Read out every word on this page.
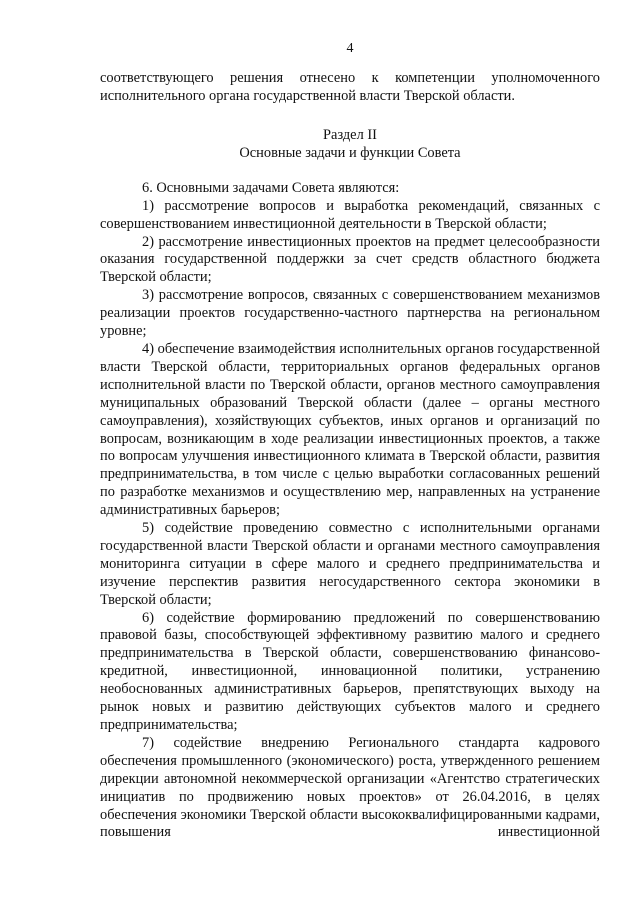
4

соответствующего решения отнесено к компетенции уполномоченного исполнительного органа государственной власти Тверской области.

Раздел II
Основные задачи и функции Совета

6. Основными задачами Совета являются:

1) рассмотрение вопросов и выработка рекомендаций, связанных с совершенствованием инвестиционной деятельности в Тверской области;

2) рассмотрение инвестиционных проектов на предмет целесообразности оказания государственной поддержки за счет средств областного бюджета Тверской области;

3) рассмотрение вопросов, связанных с совершенствованием механизмов реализации проектов государственно-частного партнерства на региональном уровне;

4) обеспечение взаимодействия исполнительных органов государственной власти Тверской области, территориальных органов федеральных органов исполнительной власти по Тверской области, органов местного самоуправления муниципальных образований Тверской области (далее – органы местного самоуправления), хозяйствующих субъектов, иных органов и организаций по вопросам, возникающим в ходе реализации инвестиционных проектов, а также по вопросам улучшения инвестиционного климата в Тверской области, развития предпринимательства, в том числе с целью выработки согласованных решений по разработке механизмов и осуществлению мер, направленных на устранение административных барьеров;

5) содействие проведению совместно с исполнительными органами государственной власти Тверской области и органами местного самоуправления мониторинга ситуации в сфере малого и среднего предпринимательства и изучение перспектив развития негосударственного сектора экономики в Тверской области;

6) содействие формированию предложений по совершенствованию правовой базы, способствующей эффективному развитию малого и среднего предпринимательства в Тверской области, совершенствованию финансово-кредитной, инвестиционной, инновационной политики, устранению необоснованных административных барьеров, препятствующих выходу на рынок новых и развитию действующих субъектов малого и среднего предпринимательства;

7) содействие внедрению Регионального стандарта кадрового обеспечения промышленного (экономического) роста, утвержденного решением дирекции автономной некоммерческой организации «Агентство стратегических инициатив по продвижению новых проектов» от 26.04.2016, в целях обеспечения экономики Тверской области высококвалифицированными кадрами, повышения инвестиционной
